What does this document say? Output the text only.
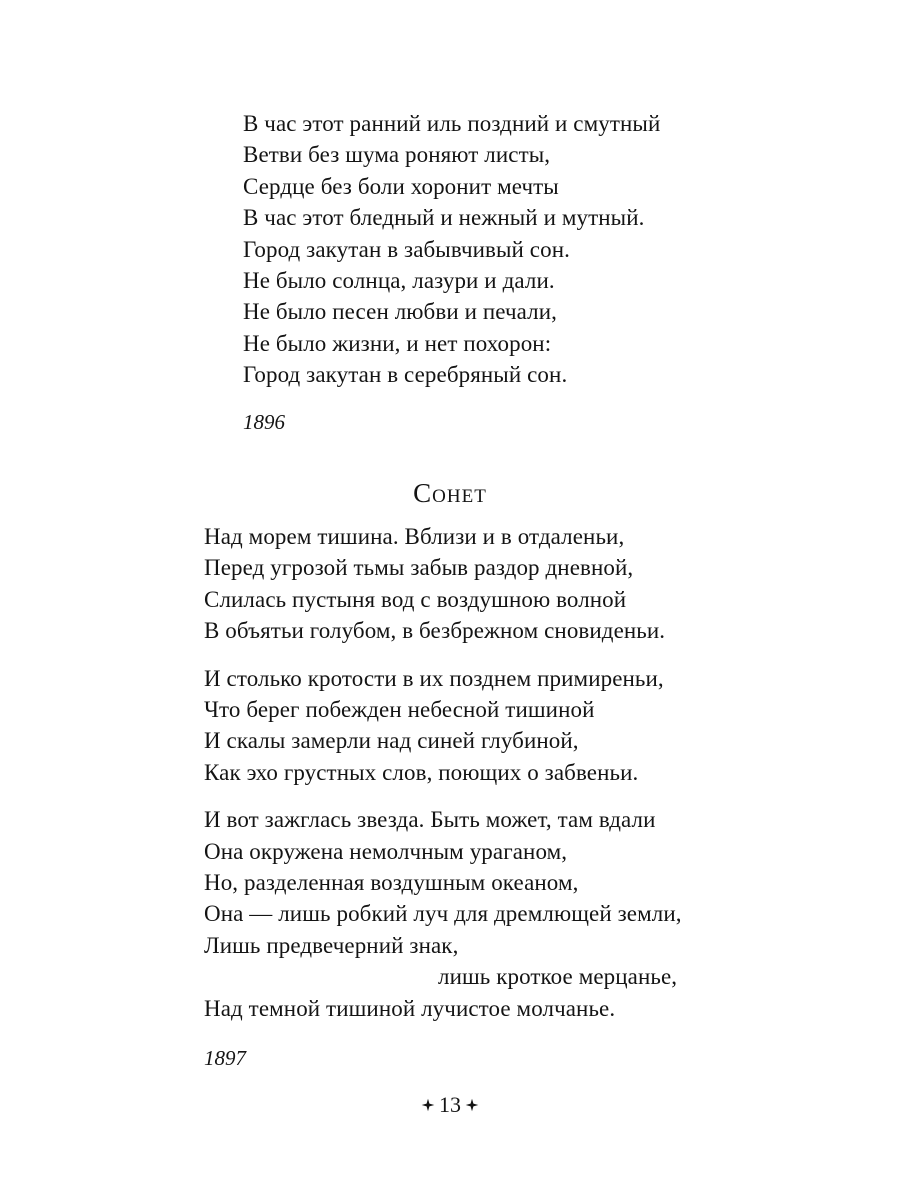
В час этот ранний иль поздний и смутный
Ветви без шума роняют листы,
Сердце без боли хоронит мечты
В час этот бледный и нежный и мутный.
Город закутан в забывчивый сон.
Не было солнца, лазури и дали.
Не было песен любви и печали,
Не было жизни, и нет похорон:
Город закутан в серебряный сон.
1896
Сонет
Над морем тишина. Вблизи и в отдаленьи,
Перед угрозой тьмы забыв раздор дневной,
Слилась пустыня вод с воздушною волной
В объятьи голубом, в безбрежном сновиденьи.
И столько кротости в их позднем примиреньи,
Что берег побежден небесной тишиной
И скалы замерли над синей глубиной,
Как эхо грустных слов, поющих о забвеньи.
И вот зажглась звезда. Быть может, там вдали
Она окружена немолчным ураганом,
Но, разделенная воздушным океаном,
Она — лишь робкий луч для дремлющей земли,
Лишь предвечерний знак,
лишь кроткое мерцанье,
Над темной тишиной лучистое молчанье.
1897
13
